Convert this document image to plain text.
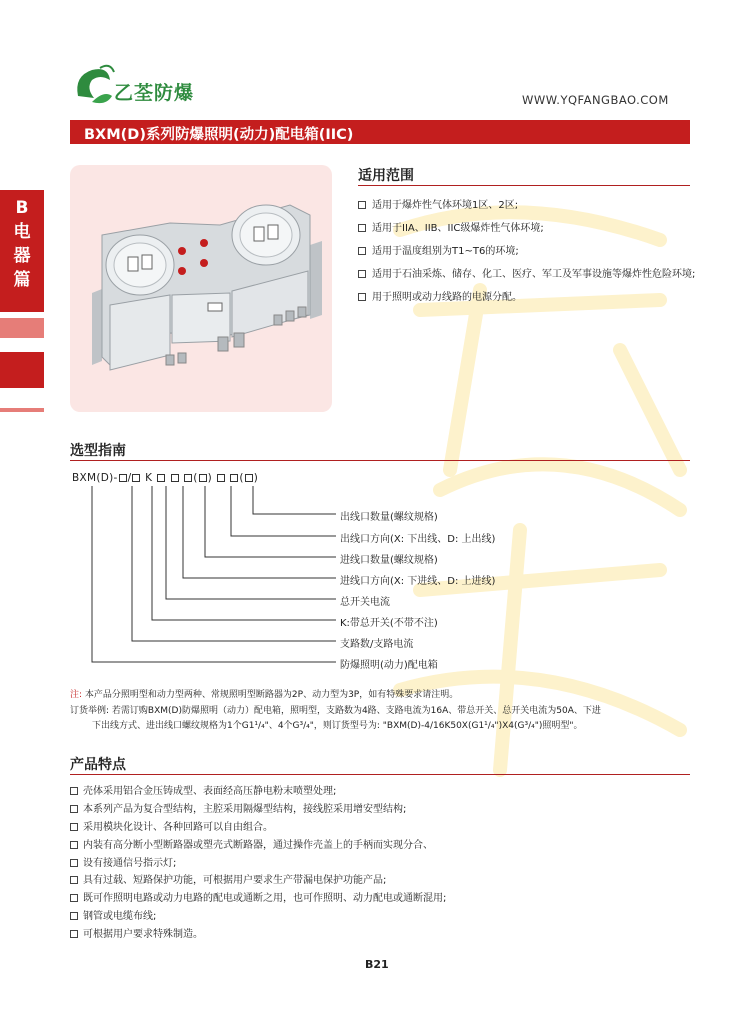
乙荃防爆	WWW.YQFANGBAO.COM
BXM(D)系列防爆照明(动力)配电箱(IIC)
B
电
器
篇
适用范围
适用于爆炸性气体环境1区、2区;
适用于IIA、IIB、IIC级爆炸性气体环境;
适用于温度组别为T1~T6的环境;
适用于石油采炼、储存、化工、医疗、军工及军事设施等爆炸性危险环境;
用于照明或动力线路的电源分配。
选型指南
BXM(D)- / K	( )  ( )
出线口数量(螺纹规格)
出线口方向(X: 下出线、D: 上出线)
进线口数量(螺纹规格)
进线口方向(X: 下进线、D: 上进线)
总开关电流
K:带总开关(不带不注)
支路数/支路电流
防爆照明(动力)配电箱
注: 本产品分照明型和动力型两种、常规照明型断路器为2P、动力型为3P，如有特殊要求请注明。
订货举例: 若需订购BXM(D)防爆照明（动力）配电箱，照明型，支路数为4路、支路电流为16A、带总开关、总开关电流为50A、下进
下出线方式、进出线口螺纹规格为1个G1¹/₄"、4个G³/₄"，则订货型号为: "BXM(D)-4/16K50X(G1¹/₄")X4(G³/₄")照明型"。
产品特点
壳体采用铝合金压铸成型、表面经高压静电粉末喷塑处理;
本系列产品为复合型结构，主腔采用隔爆型结构，接线腔采用增安型结构;
采用模块化设计、各种回路可以自由组合。
内装有高分断小型断路器或塑壳式断路器，通过操作壳盖上的手柄而实现分合、
设有接通信号指示灯;
具有过载、短路保护功能，可根据用户要求生产带漏电保护功能产品;
既可作照明电路或动力电路的配电或通断之用，也可作照明、动力配电或通断混用;
钢管或电缆布线;
可根据用户要求特殊制造。
B21
